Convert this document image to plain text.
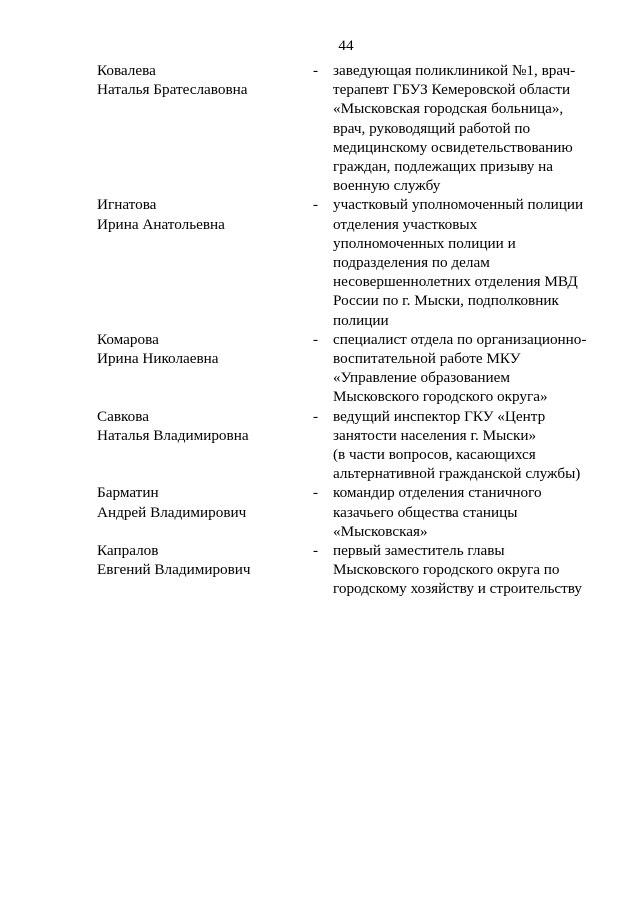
44
Ковалева
Наталья Братеславовна
- заведующая поликлиникой №1, врач-
терапевт ГБУЗ Кемеровской области
«Мысковская городская больница»,
врач, руководящий работой по
медицинскому освидетельствованию
граждан, подлежащих призыву на
военную службу
Игнатова
Ирина Анатольевна
- участковый уполномоченный полиции
отделения участковых
уполномоченных полиции и
подразделения по делам
несовершеннолетних отделения МВД
России по г. Мыски, подполковник
полиции
Комарова
Ирина Николаевна
- специалист отдела по организационно-
воспитательной работе МКУ
«Управление образованием
Мысковского городского округа»
Савкова
Наталья Владимировна
- ведущий инспектор ГКУ «Центр
занятости населения г. Мыски»
(в части вопросов, касающихся
альтернативной гражданской службы)
Барматин
Андрей Владимирович
- командир отделения станичного
казачьего общества станицы
«Мысковская»
Капралов
Евгений Владимирович
- первый заместитель главы
Мысковского городского округа по
городскому хозяйству и строительству
